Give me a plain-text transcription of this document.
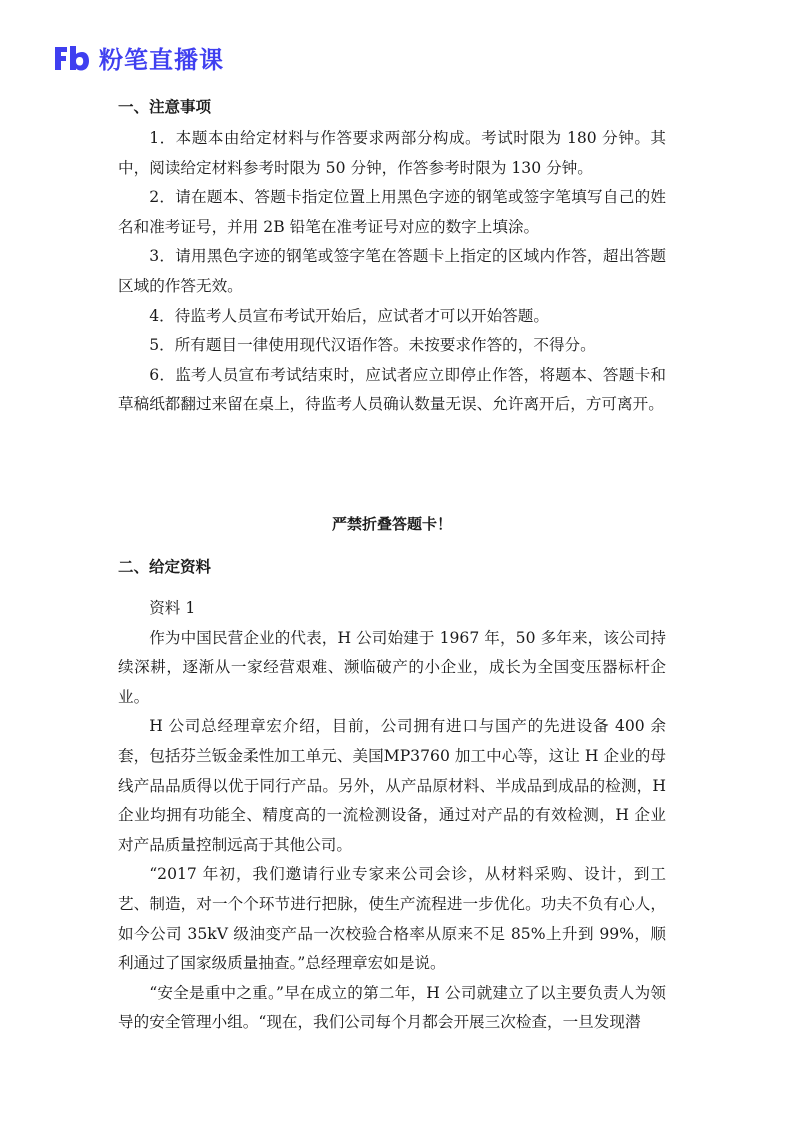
粉笔直播课

一、注意事项

1．本题本由给定材料与作答要求两部分构成。考试时限为 180 分钟。其中，阅读给定材料参考时限为 50 分钟，作答参考时限为 130 分钟。

2．请在题本、答题卡指定位置上用黑色字迹的钢笔或签字笔填写自己的姓名和准考证号，并用 2B 铅笔在准考证号对应的数字上填涂。

3．请用黑色字迹的钢笔或签字笔在答题卡上指定的区域内作答，超出答题区域的作答无效。

4．待监考人员宣布考试开始后，应试者才可以开始答题。

5．所有题目一律使用现代汉语作答。未按要求作答的，不得分。

6．监考人员宣布考试结束时，应试者应立即停止作答，将题本、答题卡和草稿纸都翻过来留在桌上，待监考人员确认数量无误、允许离开后，方可离开。

严禁折叠答题卡！

二、给定资料

资料 1

作为中国民营企业的代表，H 公司始建于 1967 年，50 多年来，该公司持续深耕，逐渐从一家经营艰难、濒临破产的小企业，成长为全国变压器标杆企业。

H 公司总经理章宏介绍，目前，公司拥有进口与国产的先进设备 400 余套，包括芬兰钣金柔性加工单元、美国MP3760 加工中心等，这让 H 企业的母线产品品质得以优于同行产品。另外，从产品原材料、半成品到成品的检测，H 企业均拥有功能全、精度高的一流检测设备，通过对产品的有效检测，H 企业对产品质量控制远高于其他公司。

“2017 年初，我们邀请行业专家来公司会诊，从材料采购、设计，到工艺、制造，对一个个环节进行把脉，使生产流程进一步优化。功夫不负有心人，如今公司 35kV 级油变产品一次校验合格率从原来不足 85%上升到 99%，顺利通过了国家级质量抽查。”总经理章宏如是说。

“安全是重中之重。”早在成立的第二年，H 公司就建立了以主要负责人为领导的安全管理小组。“现在，我们公司每个月都会开展三次检查，一旦发现潜
